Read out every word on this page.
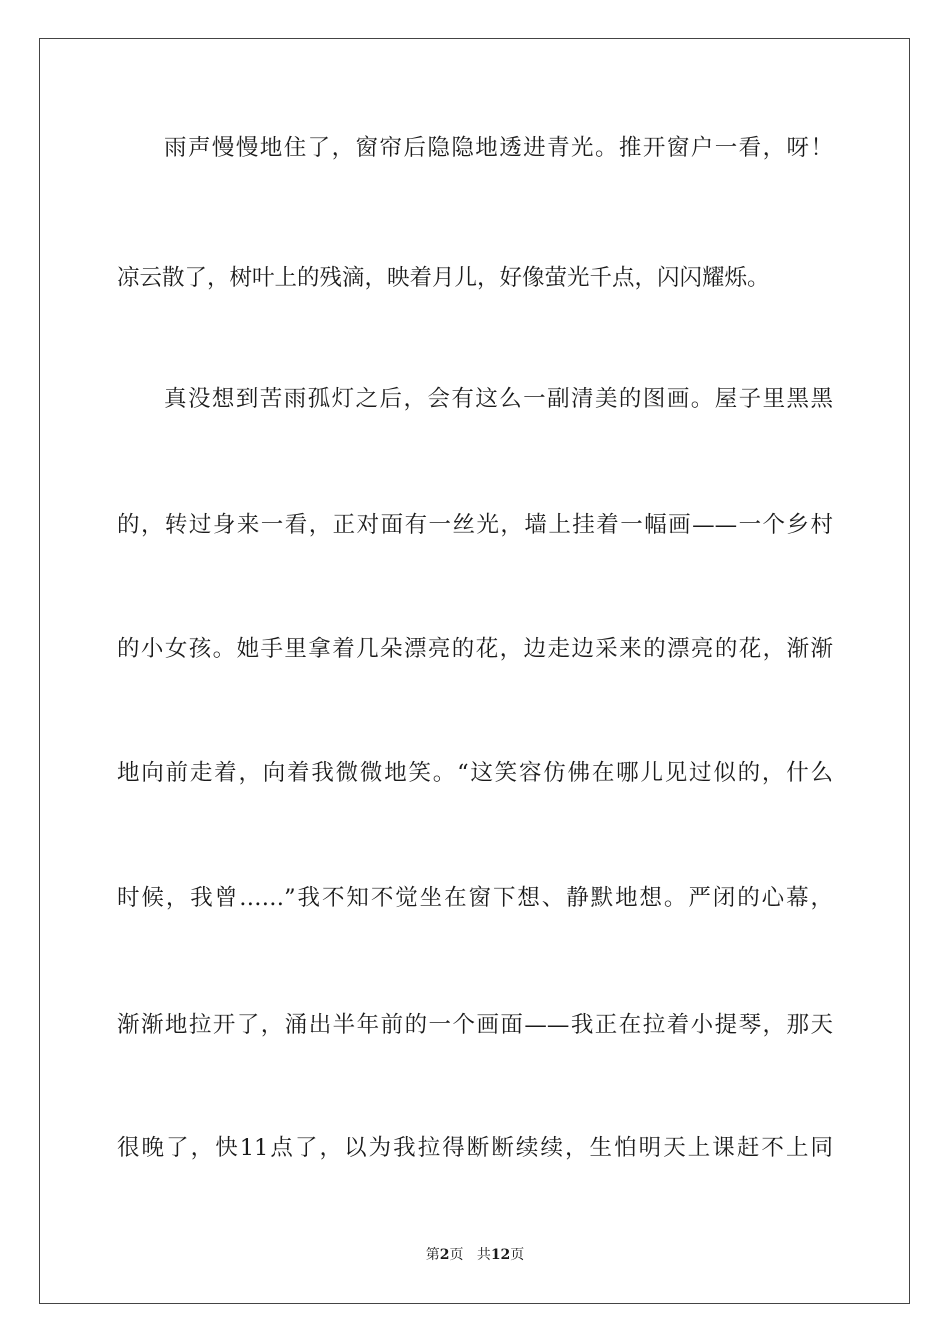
雨声慢慢地住了，窗帘后隐隐地透进青光。推开窗户一看，呀！

凉云散了，树叶上的残滴，映着月儿，好像萤光千点，闪闪耀烁。

真没想到苦雨孤灯之后，会有这么一副清美的图画。屋子里黑黑

的，转过身来一看，正对面有一丝光，墙上挂着一幅画——一个乡村

的小女孩。她手里拿着几朵漂亮的花，边走边采来的漂亮的花，渐渐

地向前走着，向着我微微地笑。“这笑容仿佛在哪儿见过似的，什么

时候，我曾……”我不知不觉坐在窗下想、静默地想。严闭的心幕，

渐渐地拉开了，涌出半年前的一个画面——我正在拉着小提琴，那天

很晚了，快11点了，以为我拉得断断续续，生怕明天上课赶不上同

第2页 共12页
